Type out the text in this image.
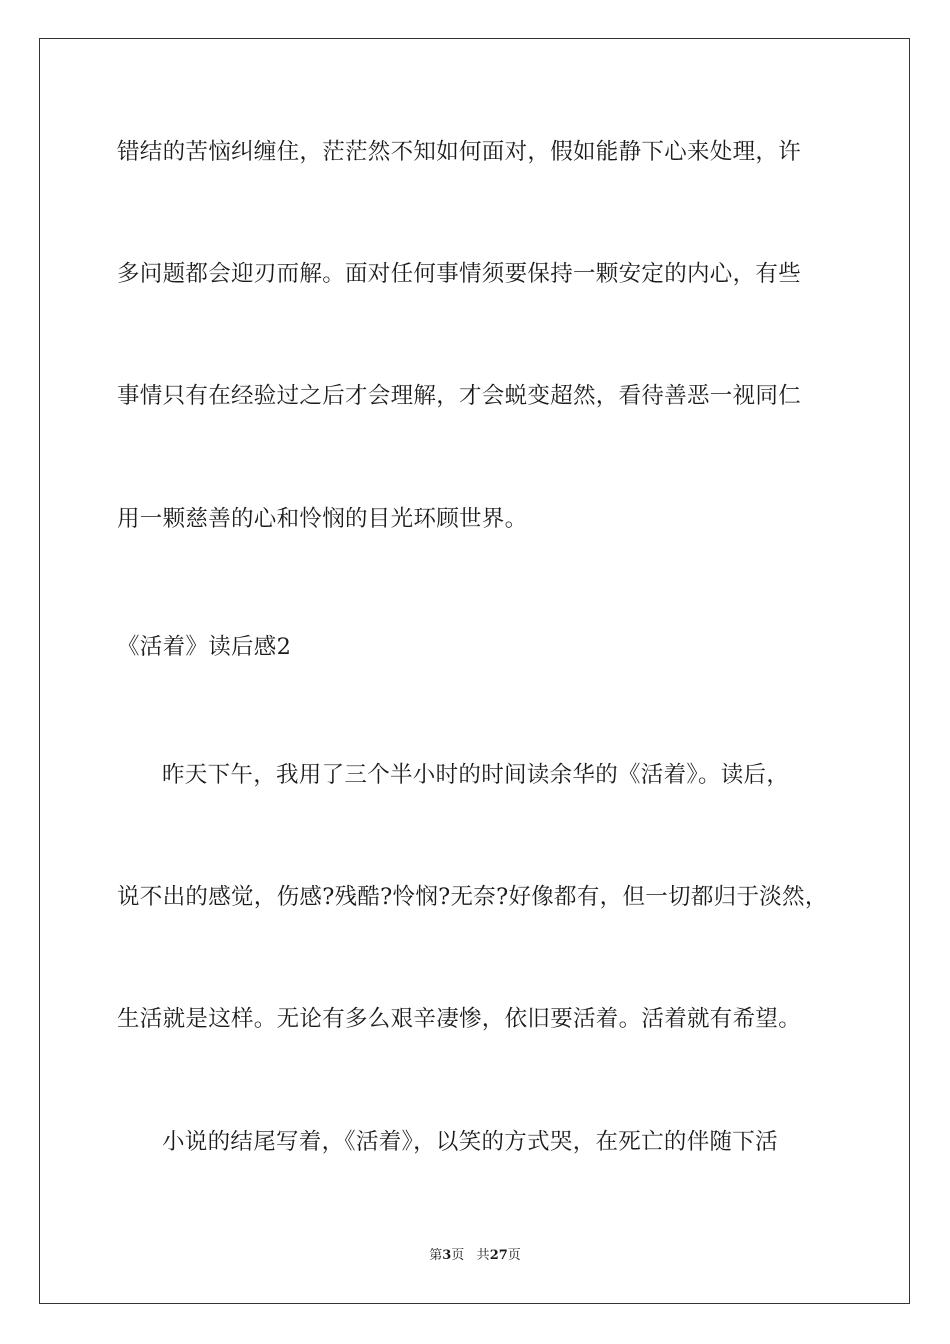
错结的苦恼纠缠住，茫茫然不知如何面对，假如能静下心来处理，许
多问题都会迎刃而解。面对任何事情须要保持一颗安定的内心，有些
事情只有在经验过之后才会理解，才会蜕变超然，看待善恶一视同仁
用一颗慈善的心和怜悯的目光环顾世界。
《活着》读后感2
昨天下午，我用了三个半小时的时间读余华的《活着》。读后，
说不出的感觉，伤感?残酷?怜悯?无奈?好像都有，但一切都归于淡然，
生活就是这样。无论有多么艰辛凄惨，依旧要活着。活着就有希望。
小说的结尾写着，《活着》，以笑的方式哭，在死亡的伴随下活
第3页 共27页
